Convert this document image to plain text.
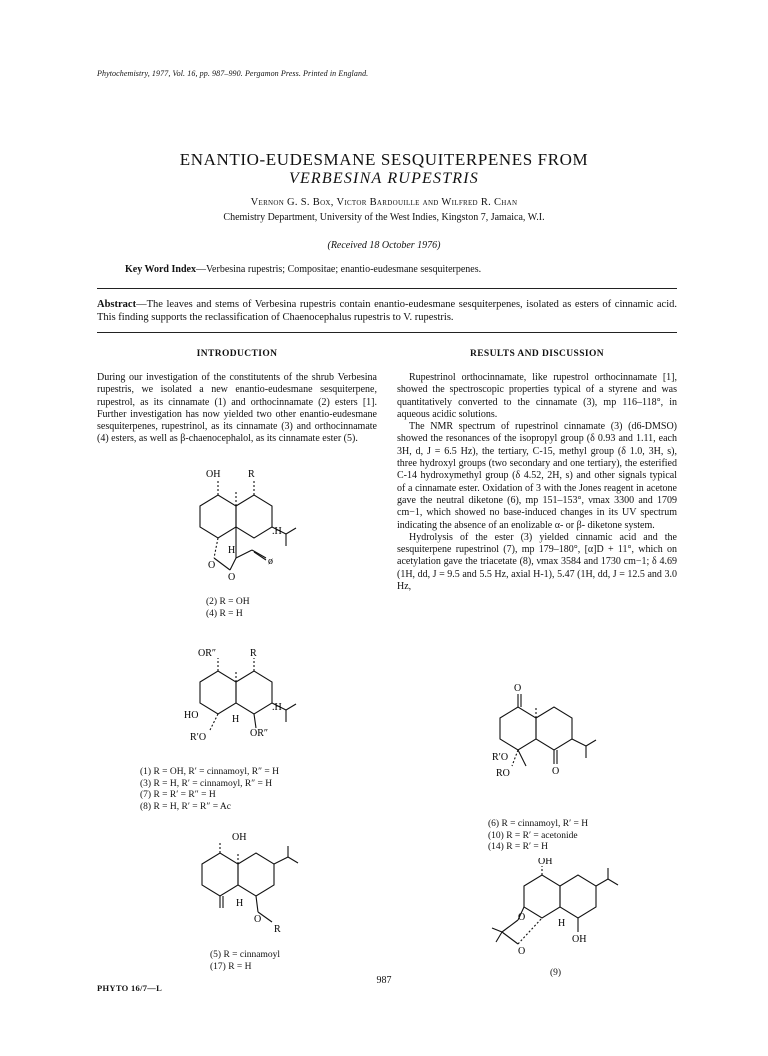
Phytochemistry, 1977, Vol. 16, pp. 987–990. Pergamon Press. Printed in England.
ENANTIO-EUDESMANE SESQUITERPENES FROM
VERBESINA RUPESTRIS
Vernon G. S. Box, Victor Bardouille and Wilfred R. Chan
Chemistry Department, University of the West Indies, Kingston 7, Jamaica, W.I.
(Received 18 October 1976)
Key Word Index—Verbesina rupestris; Compositae; enantio-eudesmane sesquiterpenes.
Abstract—The leaves and stems of Verbesina rupestris contain enantio-eudesmane sesquiterpenes, isolated as esters of cinnamic acid. This finding supports the reclassification of Chaenocephalus rupestris to V. rupestris.
INTRODUCTION

During our investigation of the constitutents of the shrub Verbesina rupestris, we isolated a new enantio-eudesmane sesquiterpene, rupestrol, as its cinnamate (1) and orthocinnamate (2) esters [1]. Further investigation has now yielded two other enantio-eudesmane sesquiterpenes, rupestrinol, as its cinnamate (3) and orthocinnamate (4) esters, as well as β-chaenocephalol, as its cinnamate ester (5).

OH	R
.H
H
O
O
ø
(2) R = OH
(4) R = H
OR″	R
.H
HO	H
OR″
R′O
(1) R = OH, R′ = cinnamoyl, R″ = H
(3) R = H, R′ = cinnamoyl, R″ = H
(7) R = R′ = R″ = H
(8) R = H, R′ = R″ = Ac
OH
H
O
R
(5) R = cinnamoyl
(17) R = H
RESULTS AND DISCUSSION

Rupestrinol orthocinnamate, like rupestrol orthocinnamate [1], showed the spectroscopic properties typical of a styrene and was quantitatively converted to the cinnamate (3), mp 116–118°, in aqueous acidic solutions.

The NMR spectrum of rupestrinol cinnamate (3) (d6-DMSO) showed the resonances of the isopropyl group (δ 0.93 and 1.11, each 3H, d, J = 6.5 Hz), the tertiary, C-15, methyl group (δ 1.0, 3H, s), three hydroxyl groups (two secondary and one tertiary), the esterified C-14 hydroxymethyl group (δ 4.52, 2H, s) and other signals typical of a cinnamate ester. Oxidation of 3 with the Jones reagent in acetone gave the neutral diketone (6), mp 151–153°, νmax 3300 and 1709 cm−1, which showed no base-induced changes in its UV spectrum indicating the absence of an enolizable α- or β- diketone system.

Hydrolysis of the ester (3) yielded cinnamic acid and the sesquiterpene rupestrinol (7), mp 179–180°, [α]D + 11°, which on acetylation gave the triacetate (8), νmax 3584 and 1730 cm−1; δ 4.69 (1H, dd, J = 9.5 and 5.5 Hz, axial H-1), 5.47 (1H, dd, J = 12.5 and 3.0 Hz,

O
R′O
O
RO
(6) R = cinnamoyl, R′ = H
(10) R = R′ = acetonide
(14) R = R′ = H
OH
O
H
OH
O
(9)
987
PHYTO 16/7—L
